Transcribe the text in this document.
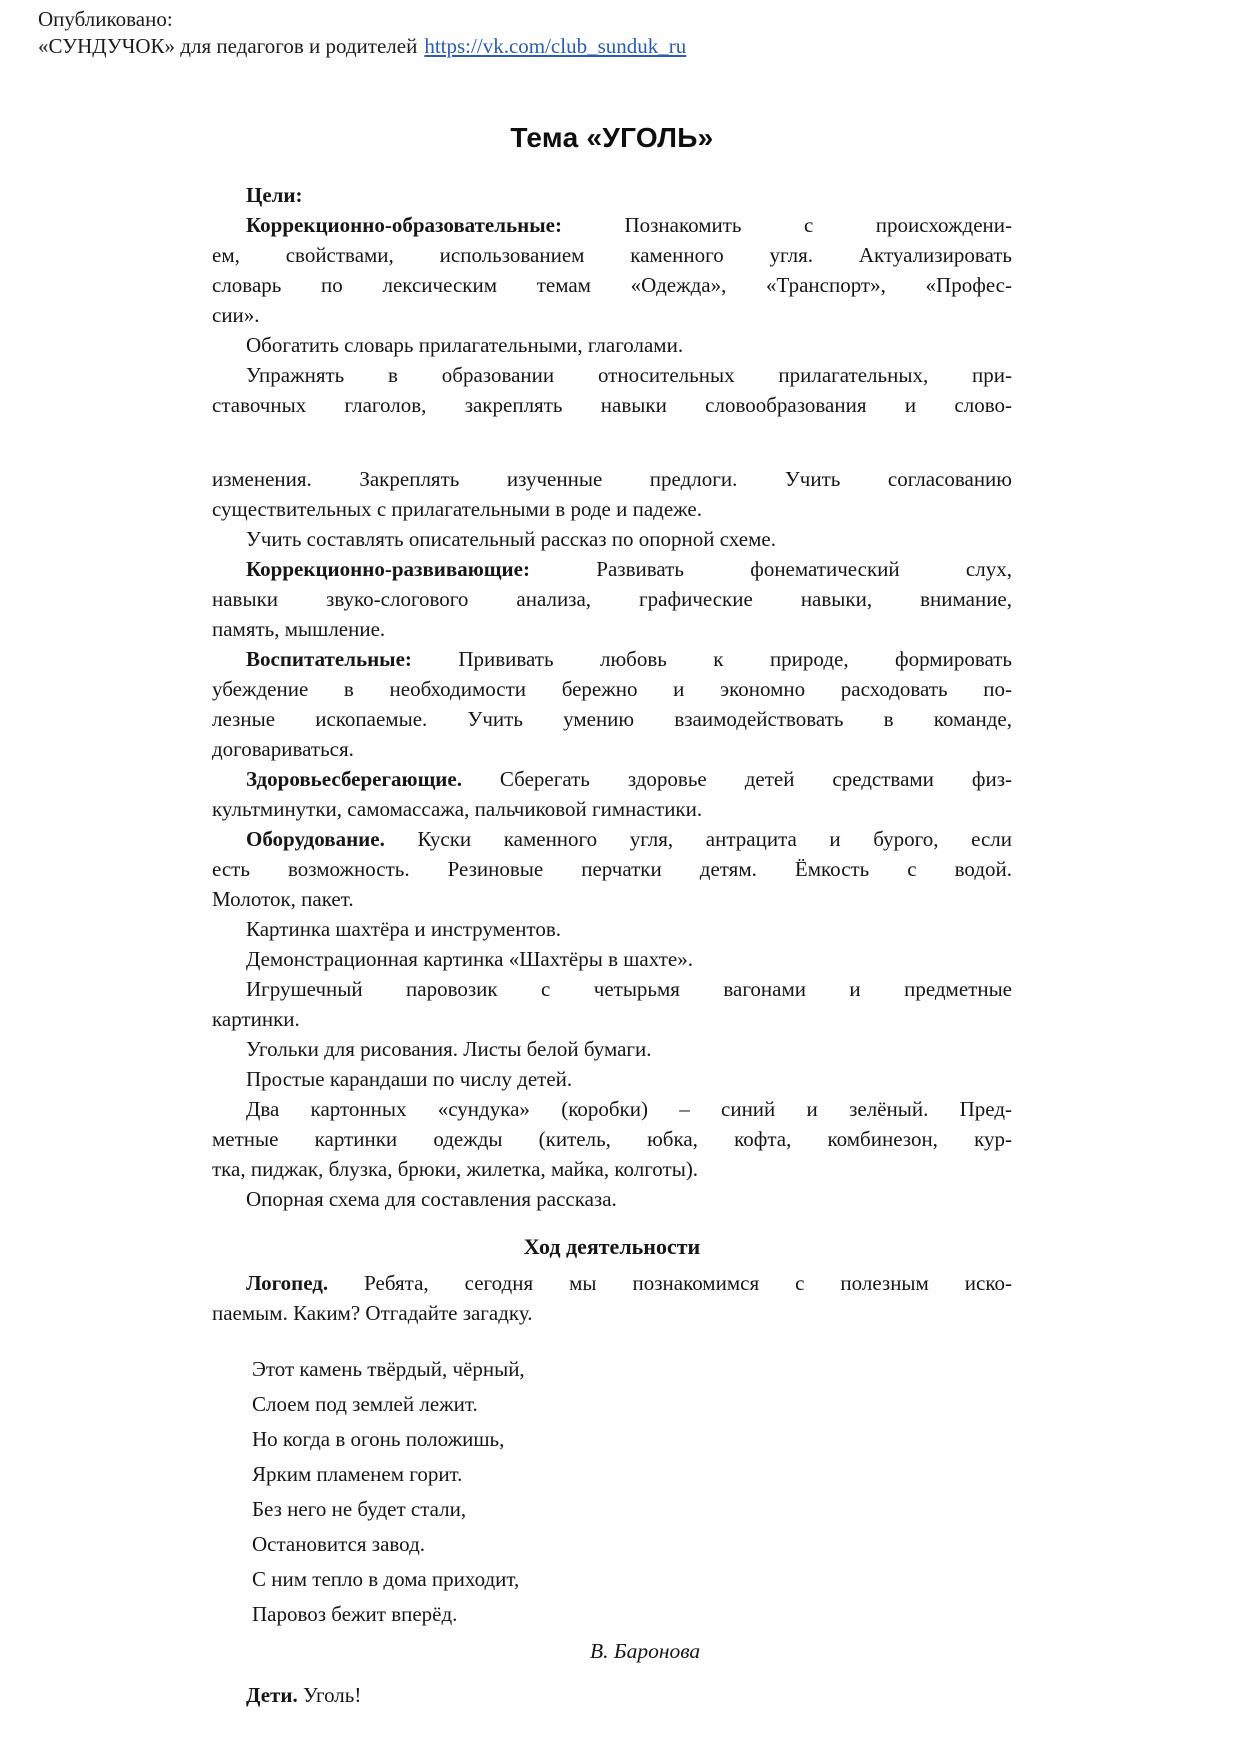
Опубликовано:
«СУНДУЧОК» для педагогов и родителей https://vk.com/club_sunduk_ru
Тема «УГОЛЬ»
Цели:
Коррекционно-образовательные: Познакомить с происхождени-
ем, свойствами, использованием каменного угля. Актуализировать
словарь по лексическим темам «Одежда», «Транспорт», «Профес-
сии».
Обогатить словарь прилагательными, глаголами.
Упражнять в образовании относительных прилагательных, при-
ставочных глаголов, закреплять навыки словообразования и слово-
изменения. Закреплять изученные предлоги. Учить согласованию
существительных с прилагательными в роде и падеже.
Учить составлять описательный рассказ по опорной схеме.
Коррекционно-развивающие: Развивать фонематический слух,
навыки звуко-слогового анализа, графические навыки, внимание,
память, мышление.
Воспитательные: Прививать любовь к природе, формировать
убеждение в необходимости бережно и экономно расходовать по-
лезные ископаемые. Учить умению взаимодействовать в команде,
договариваться.
Здоровьесберегающие. Сберегать здоровье детей средствами физ-
культминутки, самомассажа, пальчиковой гимнастики.
Оборудование. Куски каменного угля, антрацита и бурого, если
есть возможность. Резиновые перчатки детям. Ёмкость с водой.
Молоток, пакет.
Картинка шахтёра и инструментов.
Демонстрационная картинка «Шахтёры в шахте».
Игрушечный паровозик с четырьмя вагонами и предметные
картинки.
Угольки для рисования. Листы белой бумаги.
Простые карандаши по числу детей.
Два картонных «сундука» (коробки) – синий и зелёный. Пред-
метные картинки одежды (китель, юбка, кофта, комбинезон, кур-
тка, пиджак, блузка, брюки, жилетка, майка, колготы).
Опорная схема для составления рассказа.
Ход деятельности
Логопед. Ребята, сегодня мы познакомимся с полезным иско-
паемым. Каким? Отгадайте загадку.
Этот камень твёрдый, чёрный,
Слоем под землей лежит.
Но когда в огонь положишь,
Ярким пламенем горит.
Без него не будет стали,
Остановится завод.
С ним тепло в дома приходит,
Паровоз бежит вперёд.
В. Баронова
Дети. Уголь!
